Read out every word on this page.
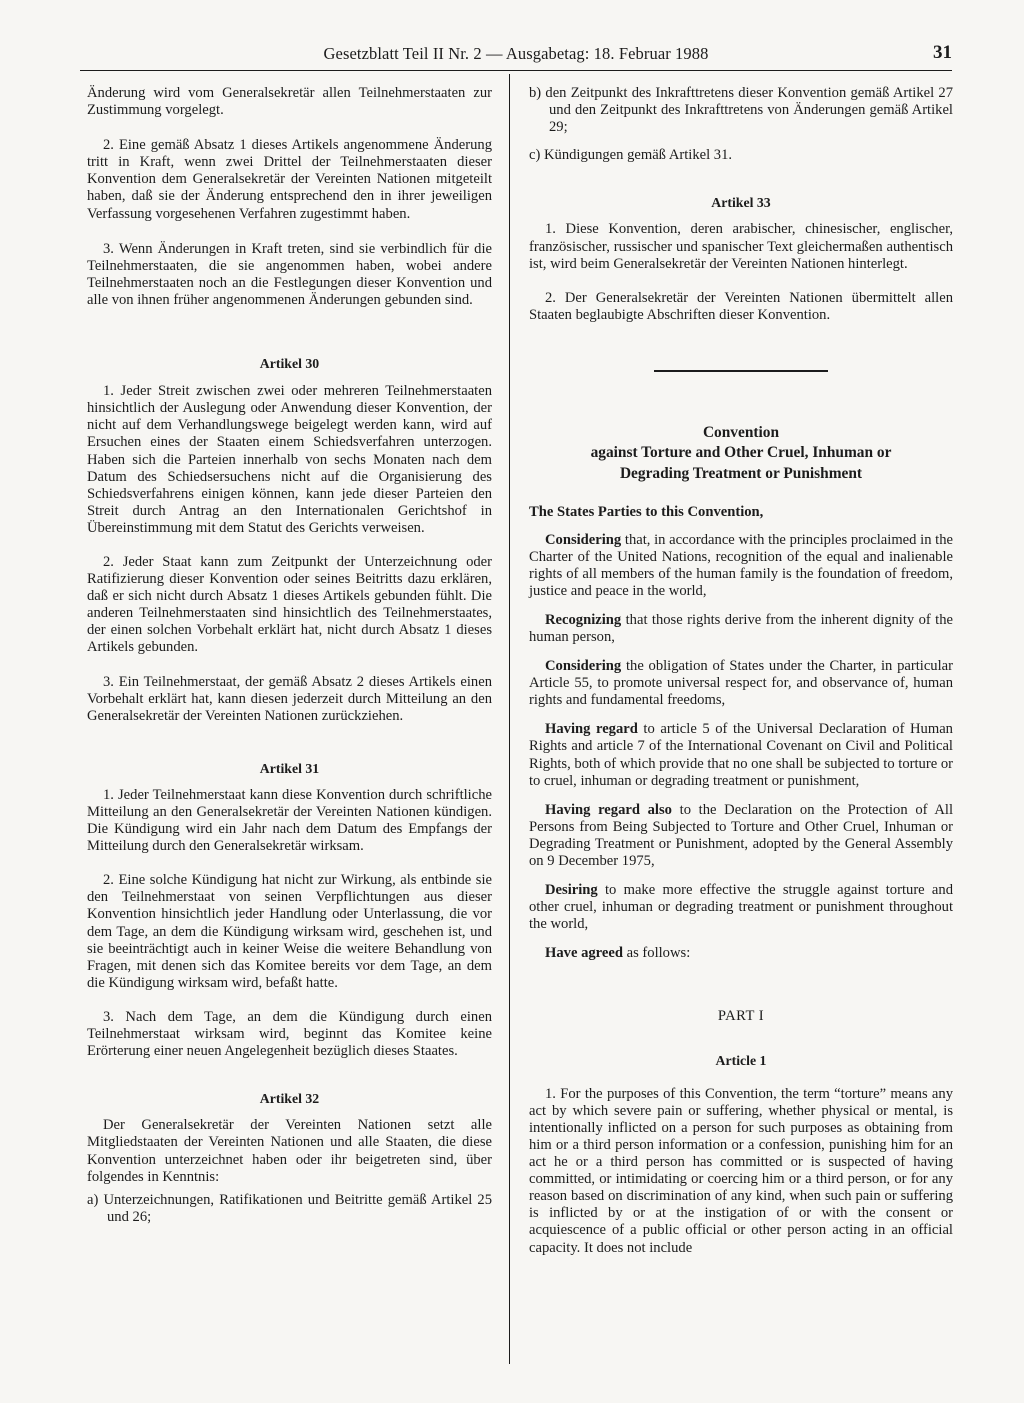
Gesetzblatt Teil II Nr. 2 — Ausgabetag: 18. Februar 1988	31

Änderung wird vom Generalsekretär allen Teilnehmerstaaten zur Zustimmung vorgelegt.

2. Eine gemäß Absatz 1 dieses Artikels angenommene Änderung tritt in Kraft, wenn zwei Drittel der Teilnehmerstaaten dieser Konvention dem Generalsekretär der Vereinten Nationen mitgeteilt haben, daß sie der Änderung entsprechend den in ihrer jeweiligen Verfassung vorgesehenen Verfahren zugestimmt haben.

3. Wenn Änderungen in Kraft treten, sind sie verbindlich für die Teilnehmerstaaten, die sie angenommen haben, wobei andere Teilnehmerstaaten noch an die Festlegungen dieser Konvention und alle von ihnen früher angenommenen Änderungen gebunden sind.

Artikel 30

1. Jeder Streit zwischen zwei oder mehreren Teilnehmerstaaten hinsichtlich der Auslegung oder Anwendung dieser Konvention, der nicht auf dem Verhandlungswege beigelegt werden kann, wird auf Ersuchen eines der Staaten einem Schiedsverfahren unterzogen. Haben sich die Parteien innerhalb von sechs Monaten nach dem Datum des Schiedsersuchens nicht auf die Organisierung des Schiedsverfahrens einigen können, kann jede dieser Parteien den Streit durch Antrag an den Internationalen Gerichtshof in Übereinstimmung mit dem Statut des Gerichts verweisen.

2. Jeder Staat kann zum Zeitpunkt der Unterzeichnung oder Ratifizierung dieser Konvention oder seines Beitritts dazu erklären, daß er sich nicht durch Absatz 1 dieses Artikels gebunden fühlt. Die anderen Teilnehmerstaaten sind hinsichtlich des Teilnehmerstaates, der einen solchen Vorbehalt erklärt hat, nicht durch Absatz 1 dieses Artikels gebunden.

3. Ein Teilnehmerstaat, der gemäß Absatz 2 dieses Artikels einen Vorbehalt erklärt hat, kann diesen jederzeit durch Mitteilung an den Generalsekretär der Vereinten Nationen zurückziehen.

Artikel 31

1. Jeder Teilnehmerstaat kann diese Konvention durch schriftliche Mitteilung an den Generalsekretär der Vereinten Nationen kündigen. Die Kündigung wird ein Jahr nach dem Datum des Empfangs der Mitteilung durch den Generalsekretär wirksam.

2. Eine solche Kündigung hat nicht zur Wirkung, als entbinde sie den Teilnehmerstaat von seinen Verpflichtungen aus dieser Konvention hinsichtlich jeder Handlung oder Unterlassung, die vor dem Tage, an dem die Kündigung wirksam wird, geschehen ist, und sie beeinträchtigt auch in keiner Weise die weitere Behandlung von Fragen, mit denen sich das Komitee bereits vor dem Tage, an dem die Kündigung wirksam wird, befaßt hatte.

3. Nach dem Tage, an dem die Kündigung durch einen Teilnehmerstaat wirksam wird, beginnt das Komitee keine Erörterung einer neuen Angelegenheit bezüglich dieses Staates.

Artikel 32

Der Generalsekretär der Vereinten Nationen setzt alle Mitgliedstaaten der Vereinten Nationen und alle Staaten, die diese Konvention unterzeichnet haben oder ihr beigetreten sind, über folgendes in Kenntnis:

a) Unterzeichnungen, Ratifikationen und Beitritte gemäß Artikel 25 und 26;

b) den Zeitpunkt des Inkrafttretens dieser Konvention gemäß Artikel 27 und den Zeitpunkt des Inkrafttretens von Änderungen gemäß Artikel 29;

c) Kündigungen gemäß Artikel 31.

Artikel 33

1. Diese Konvention, deren arabischer, chinesischer, englischer, französischer, russischer und spanischer Text gleichermaßen authentisch ist, wird beim Generalsekretär der Vereinten Nationen hinterlegt.

2. Der Generalsekretär der Vereinten Nationen übermittelt allen Staaten beglaubigte Abschriften dieser Konvention.

Convention

against Torture and Other Cruel, Inhuman or

Degrading Treatment or Punishment

The States Parties to this Convention,

Considering that, in accordance with the principles proclaimed in the Charter of the United Nations, recognition of the equal and inalienable rights of all members of the human family is the foundation of freedom, justice and peace in the world,

Recognizing that those rights derive from the inherent dignity of the human person,

Considering the obligation of States under the Charter, in particular Article 55, to promote universal respect for, and observance of, human rights and fundamental freedoms,

Having regard to article 5 of the Universal Declaration of Human Rights and article 7 of the International Covenant on Civil and Political Rights, both of which provide that no one shall be subjected to torture or to cruel, inhuman or degrading treatment or punishment,

Having regard also to the Declaration on the Protection of All Persons from Being Subjected to Torture and Other Cruel, Inhuman or Degrading Treatment or Punishment, adopted by the General Assembly on 9 December 1975,

Desiring to make more effective the struggle against torture and other cruel, inhuman or degrading treatment or punishment throughout the world,

Have agreed as follows:

PART I

Article 1

1. For the purposes of this Convention, the term “torture” means any act by which severe pain or suffering, whether physical or mental, is intentionally inflicted on a person for such purposes as obtaining from him or a third person information or a confession, punishing him for an act he or a third person has committed or is suspected of having committed, or intimidating or coercing him or a third person, or for any reason based on discrimination of any kind, when such pain or suffering is inflicted by or at the instigation of or with the consent or acquiescence of a public official or other person acting in an official capacity. It does not include
